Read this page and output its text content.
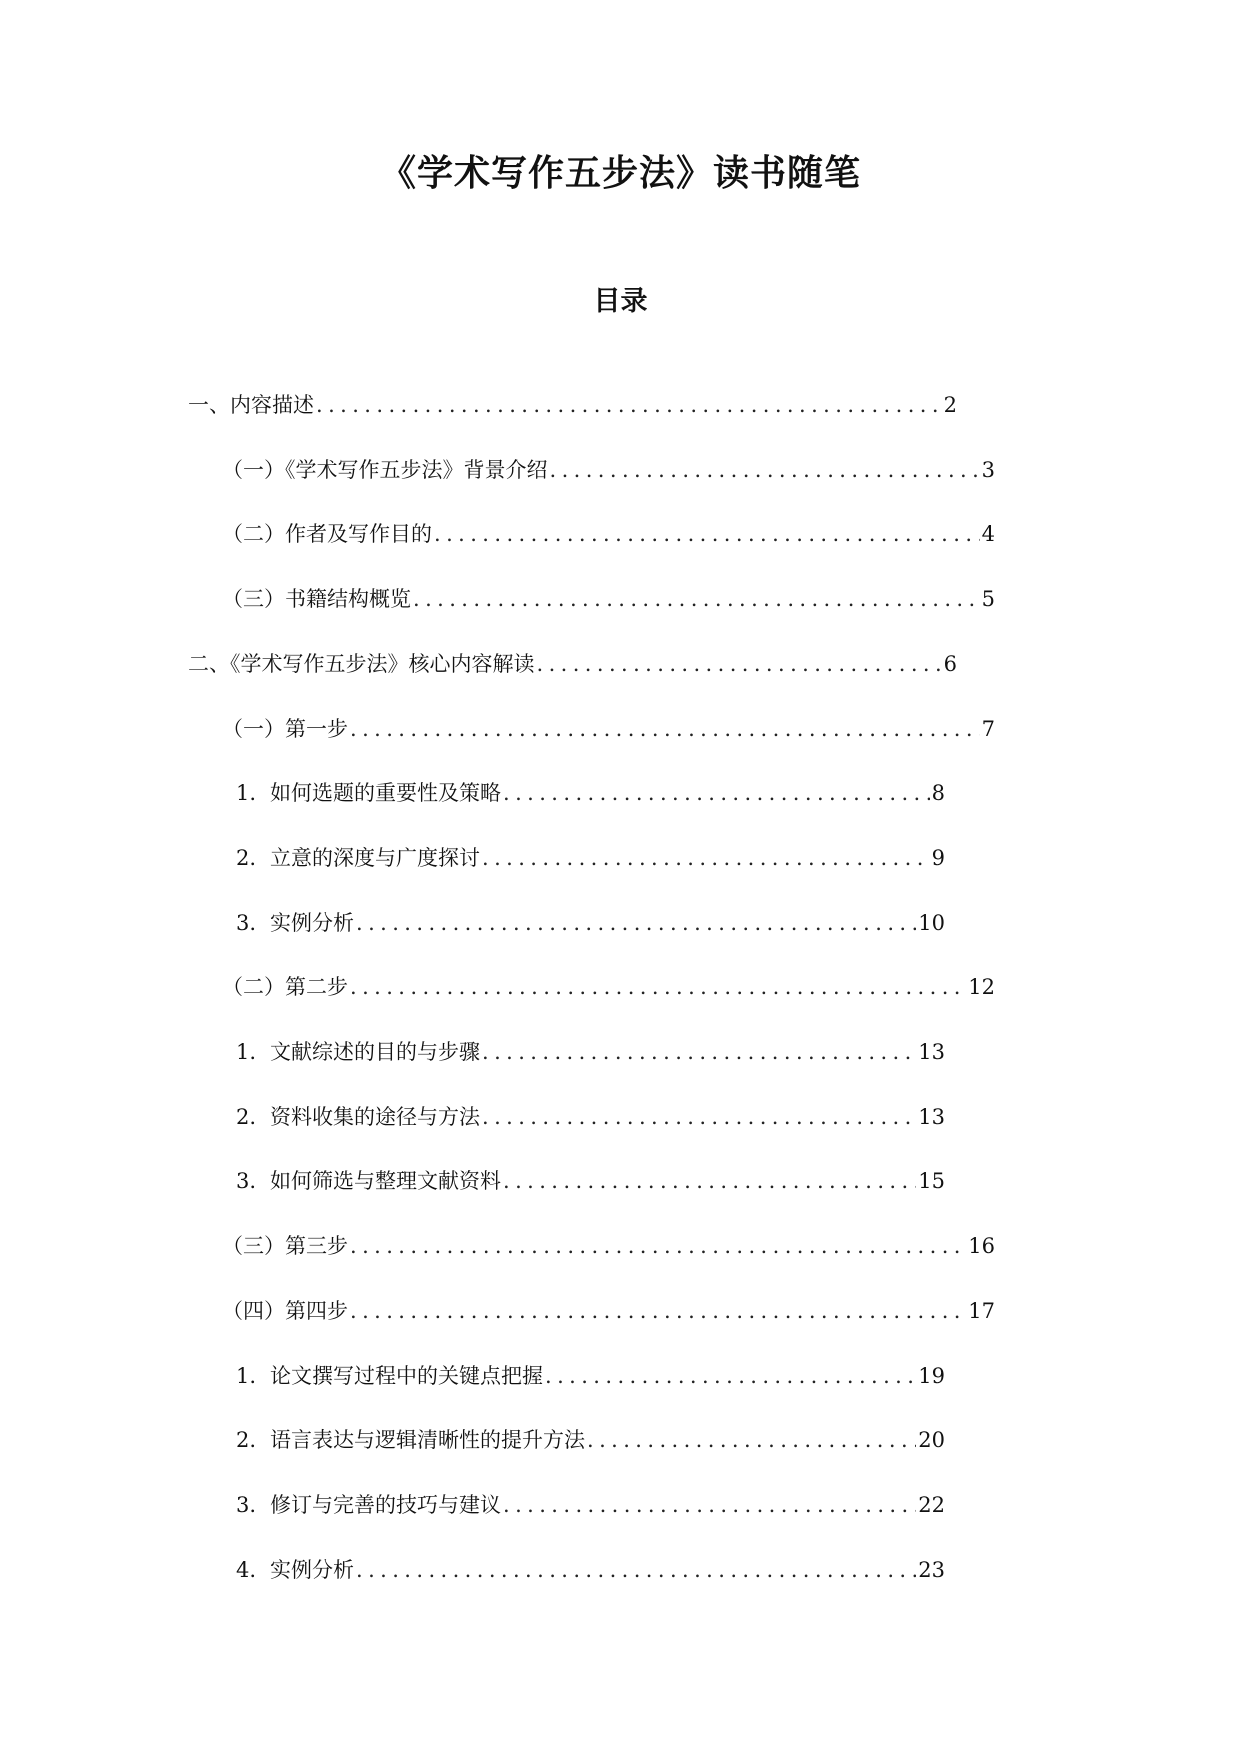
《学术写作五步法》读书随笔
目录
一、内容描述 .....	2
（一）《学术写作五步法》背景介绍 .....	3
（二）作者及写作目的 .....	4
（三）书籍结构概览 .....	5
二、《学术写作五步法》核心内容解读 .....	6
（一）第一步 .....	7
1. 如何选题的重要性及策略 .....	8
2. 立意的深度与广度探讨 .....	9
3. 实例分析 .....	10
（二）第二步 .....	12
1. 文献综述的目的与步骤 .....	13
2. 资料收集的途径与方法 .....	13
3. 如何筛选与整理文献资料 .....	15
（三）第三步 .....	16
（四）第四步 .....	17
1. 论文撰写过程中的关键点把握 .....	19
2. 语言表达与逻辑清晰性的提升方法 .....	20
3. 修订与完善的技巧与建议 .....	22
4. 实例分析 .....	23
